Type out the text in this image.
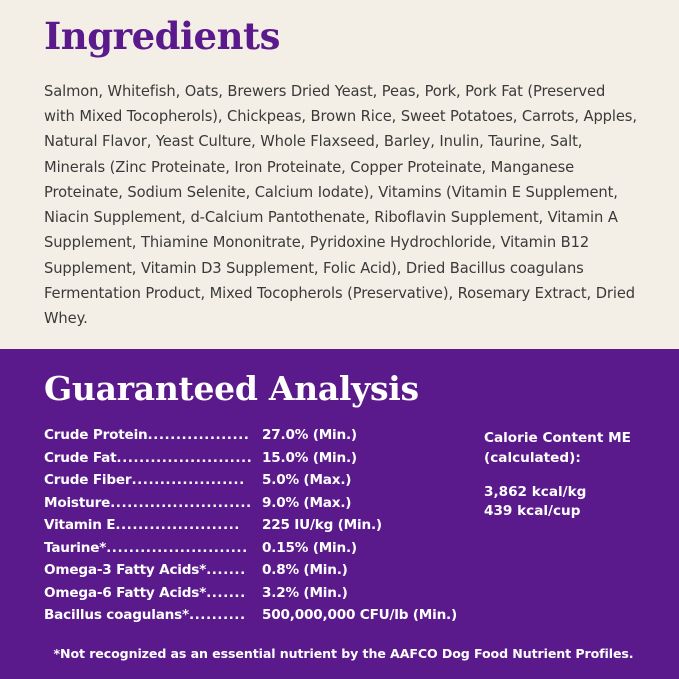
Ingredients

Salmon, Whitefish, Oats, Brewers Dried Yeast, Peas, Pork, Pork Fat (Preserved with Mixed Tocopherols), Chickpeas, Brown Rice, Sweet Potatoes, Carrots, Apples, Natural Flavor, Yeast Culture, Whole Flaxseed, Barley, Inulin, Taurine, Salt, Minerals (Zinc Proteinate, Iron Proteinate, Copper Proteinate, Manganese Proteinate, Sodium Selenite, Calcium Iodate), Vitamins (Vitamin E Supplement, Niacin Supplement, d-Calcium Pantothenate, Riboflavin Supplement, Vitamin A Supplement, Thiamine Mononitrate, Pyridoxine Hydrochloride, Vitamin B12 Supplement, Vitamin D3 Supplement, Folic Acid), Dried Bacillus coagulans Fermentation Product, Mixed Tocopherols (Preservative), Rosemary Extract, Dried Whey.

Guaranteed Analysis
Crude Protein..................	27.0% (Min.)
Crude Fat........................	15.0% (Min.)
Crude Fiber....................	5.0% (Max.)
Moisture.........................	9.0% (Max.)
Vitamin E......................	225 IU/kg (Min.)
Taurine*.........................	0.15% (Min.)
Omega-3 Fatty Acids*.......	0.8% (Min.)
Omega-6 Fatty Acids*.......	3.2% (Min.)
Bacillus coagulans*..........	500,000,000 CFU/lb (Min.)
Calorie Content ME
(calculated):
3,862 kcal/kg
439 kcal/cup
*Not recognized as an essential nutrient by the AAFCO Dog Food Nutrient Profiles.
